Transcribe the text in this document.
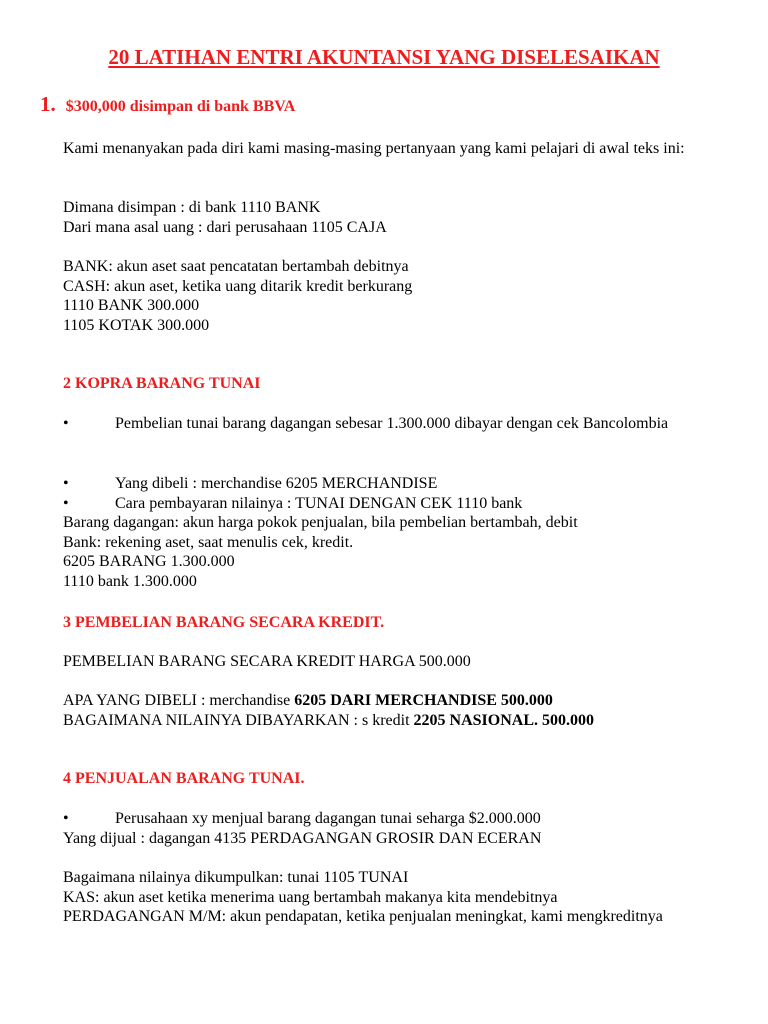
20 LATIHAN ENTRI AKUNTANSI YANG DISELESAIKAN
1. $300,000 disimpan di bank BBVA

Kami menanyakan pada diri kami masing-masing pertanyaan yang kami pelajari di awal teks ini:

Dimana disimpan : di bank 1110 BANK

Dari mana asal uang : dari perusahaan 1105 CAJA

BANK: akun aset saat pencatatan bertambah debitnya

CASH: akun aset, ketika uang ditarik kredit berkurang

1110 BANK 300.000

1105 KOTAK 300.000

2 KOPRA BARANG TUNAI

•	Pembelian tunai barang dagangan sebesar 1.300.000 dibayar dengan cek Bancolombia

•	Yang dibeli : merchandise 6205 MERCHANDISE

•	Cara pembayaran nilainya : TUNAI DENGAN CEK 1110 bank

Barang dagangan: akun harga pokok penjualan, bila pembelian bertambah, debit

Bank: rekening aset, saat menulis cek, kredit.

6205 BARANG 1.300.000

1110 bank 1.300.000

3 PEMBELIAN BARANG SECARA KREDIT.

PEMBELIAN BARANG SECARA KREDIT HARGA 500.000

APA YANG DIBELI : merchandise 6205 DARI MERCHANDISE 500.000

BAGAIMANA NILAINYA DIBAYARKAN : s kredit 2205 NASIONAL. 500.000

4 PENJUALAN BARANG TUNAI.

•	Perusahaan xy menjual barang dagangan tunai seharga $2.000.000

Yang dijual : dagangan 4135 PERDAGANGAN GROSIR DAN ECERAN

Bagaimana nilainya dikumpulkan: tunai 1105 TUNAI

KAS: akun aset ketika menerima uang bertambah makanya kita mendebitnya

PERDAGANGAN M/M: akun pendapatan, ketika penjualan meningkat, kami mengkreditnya
